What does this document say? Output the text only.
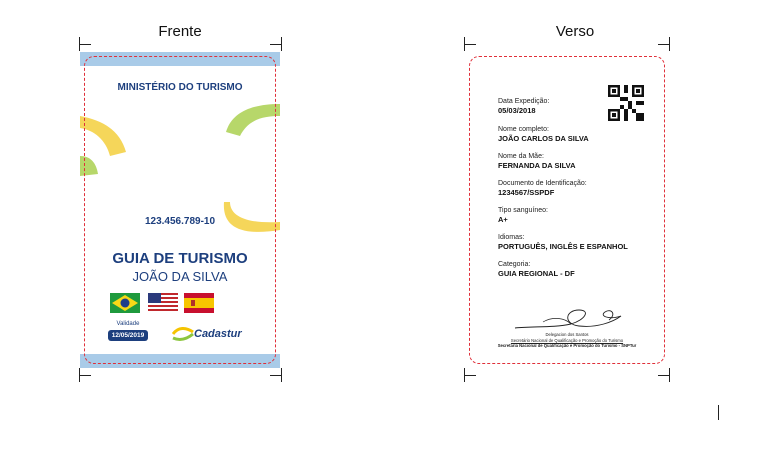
Frente
MINISTÉRIO DO TURISMO
123.456.789-10
GUIA DE TURISMO
JOÃO DA SILVA
Validade
12/05/2019	Cadastur
Verso
Data Expedição:
05/03/2018
Nome completo:
JOÃO CARLOS DA SILVA
Nome da Mãe:
FERNANDA DA SILVA
Documento de Identificação:
1234567/SSPDF
Tipo sanguíneo:
A+
Idiomas:
PORTUGUÊS, INGLÊS E ESPANHOL
Categoria:
GUIA REGIONAL - DF
Delegacion dos Santos
Secretário Nacional de Qualificação e Promoção do Turismo
Secretaria Nacional de Qualificação e Promoção do Turismo - SNPTur
